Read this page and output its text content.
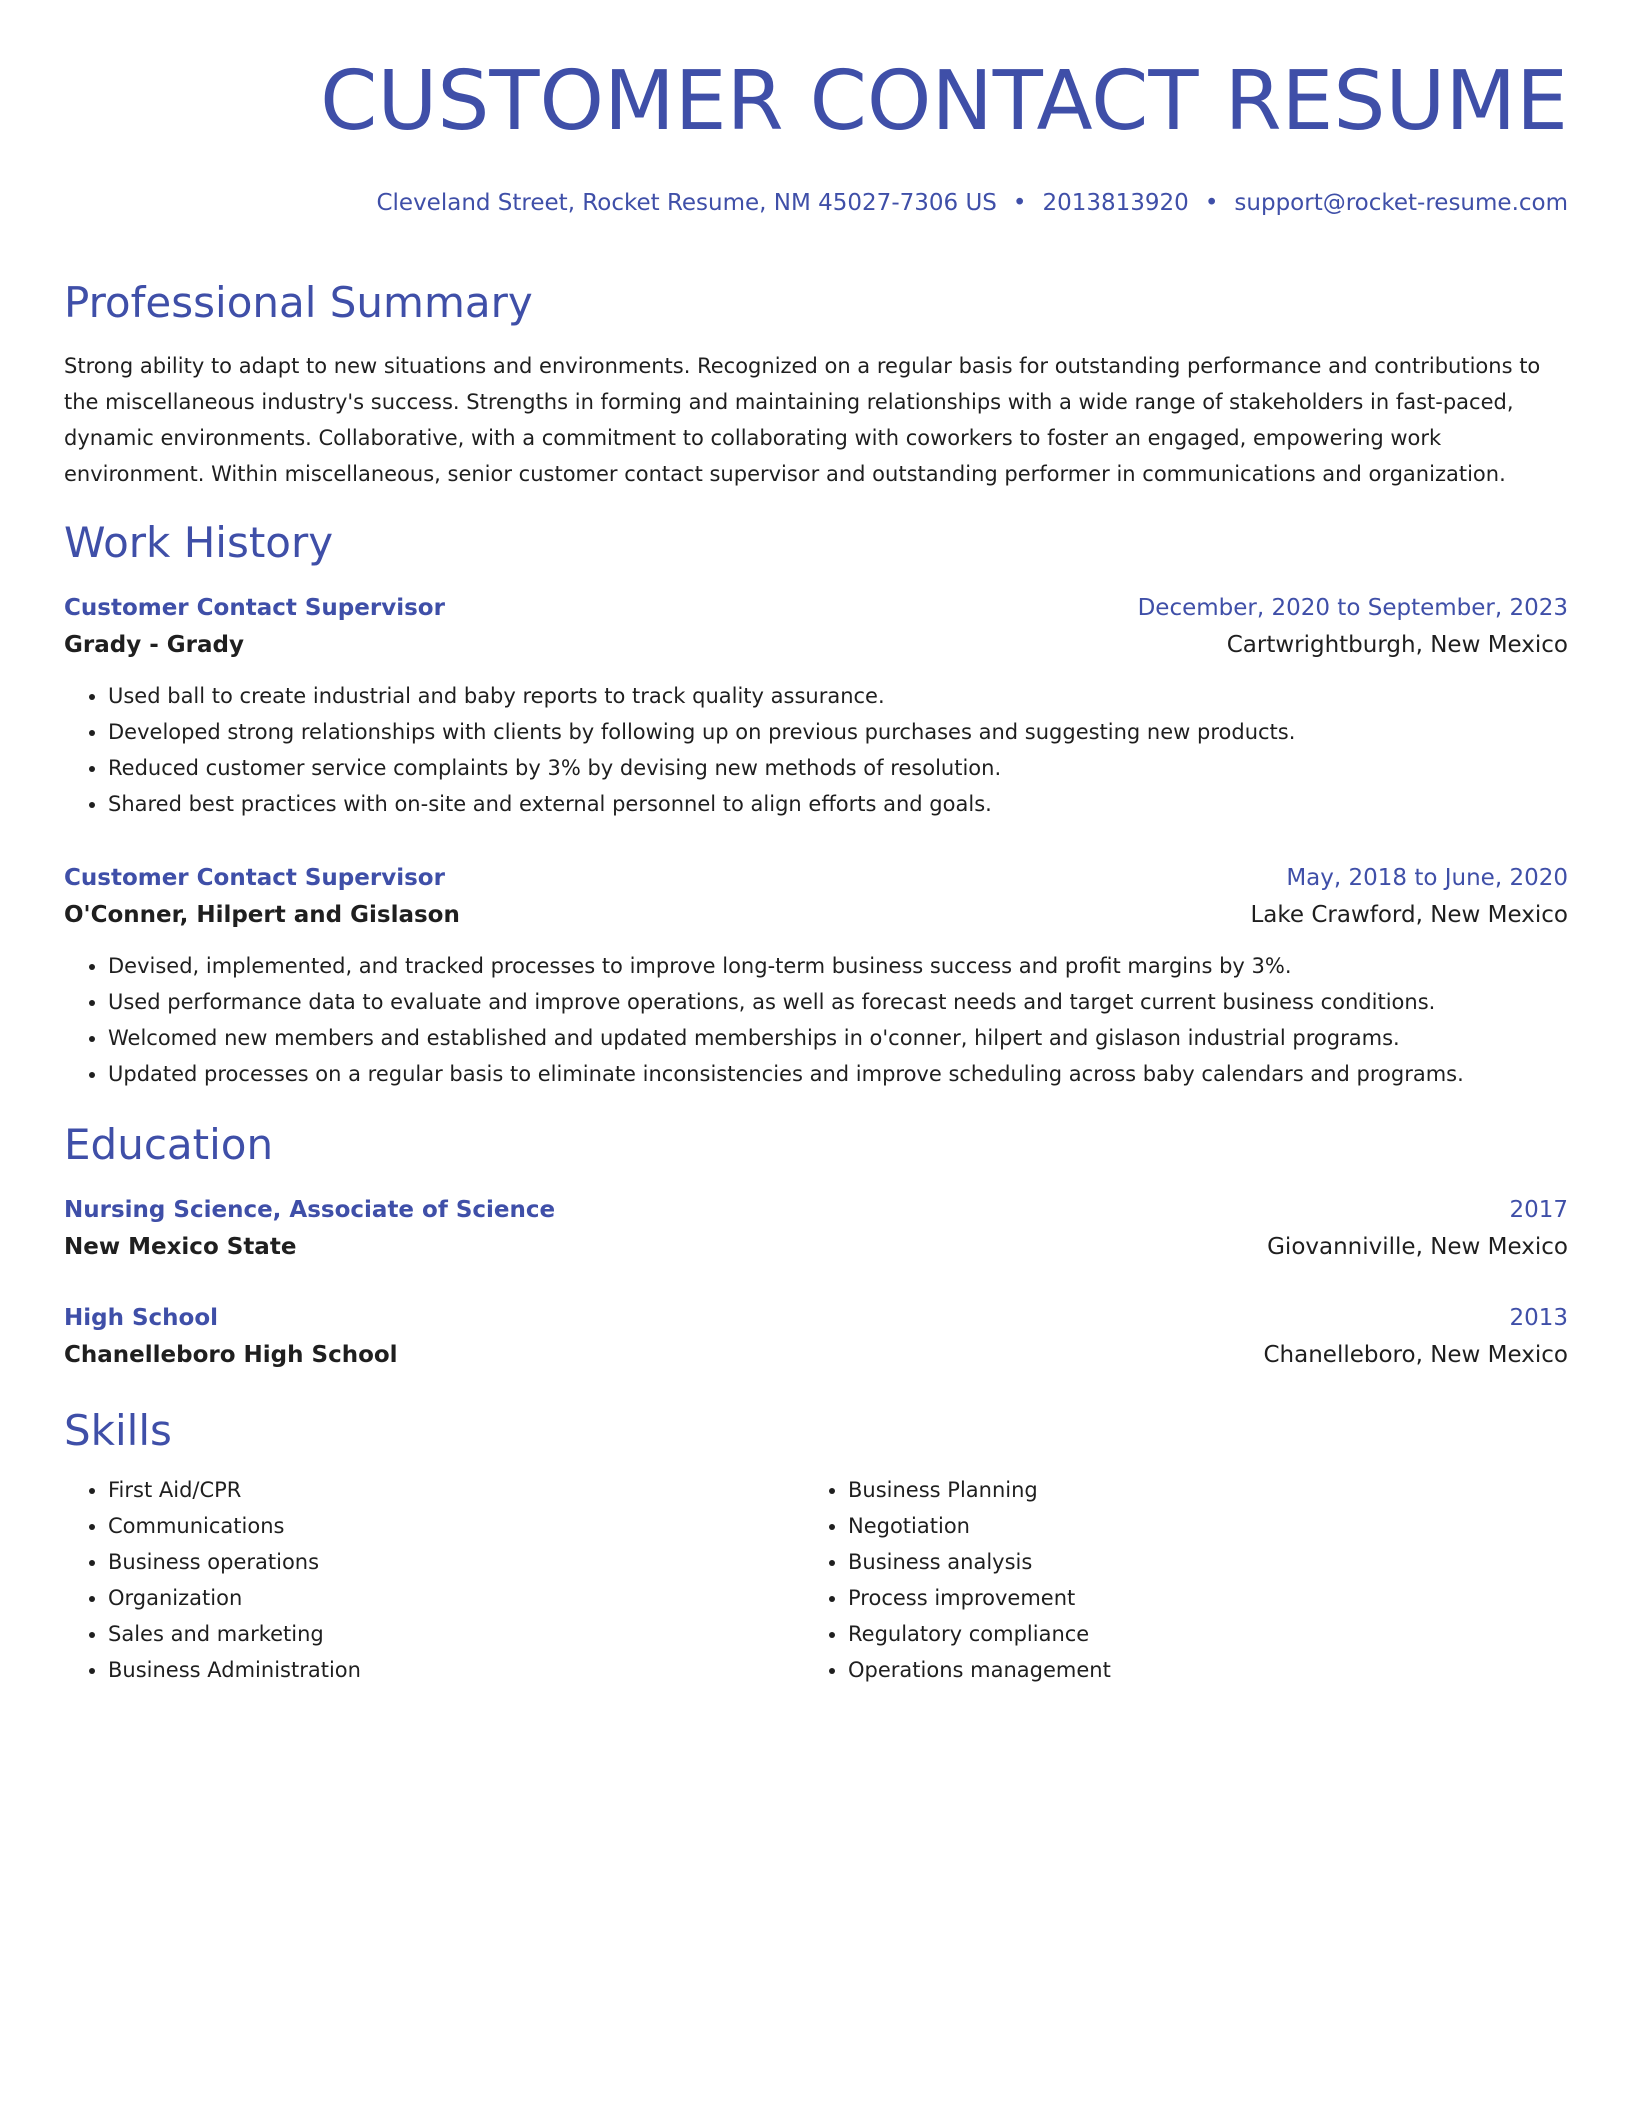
CUSTOMER CONTACT RESUME
Cleveland Street, Rocket Resume, NM 45027-7306 US • 2013813920 • support@rocket-resume.com
Professional Summary
Strong ability to adapt to new situations and environments. Recognized on a regular basis for outstanding performance and contributions to the miscellaneous industry's success. Strengths in forming and maintaining relationships with a wide range of stakeholders in fast-paced, dynamic environments. Collaborative, with a commitment to collaborating with coworkers to foster an engaged, empowering work environment. Within miscellaneous, senior customer contact supervisor and outstanding performer in communications and organization.
Work History
Customer Contact Supervisor	December, 2020 to September, 2023
Grady - Grady	Cartwrightburgh, New Mexico
• Used ball to create industrial and baby reports to track quality assurance.
• Developed strong relationships with clients by following up on previous purchases and suggesting new products.
• Reduced customer service complaints by 3% by devising new methods of resolution.
• Shared best practices with on-site and external personnel to align efforts and goals.
Customer Contact Supervisor	May, 2018 to June, 2020
O'Conner, Hilpert and Gislason	Lake Crawford, New Mexico
• Devised, implemented, and tracked processes to improve long-term business success and profit margins by 3%.
• Used performance data to evaluate and improve operations, as well as forecast needs and target current business conditions.
• Welcomed new members and established and updated memberships in o'conner, hilpert and gislason industrial programs.
• Updated processes on a regular basis to eliminate inconsistencies and improve scheduling across baby calendars and programs.
Education
Nursing Science, Associate of Science	2017
New Mexico State	Giovanniville, New Mexico
High School	2013
Chanelleboro High School	Chanelleboro, New Mexico
Skills
• First Aid/CPR
• Communications
• Business operations
• Organization
• Sales and marketing
• Business Administration
• Business Planning
• Negotiation
• Business analysis
• Process improvement
• Regulatory compliance
• Operations management
